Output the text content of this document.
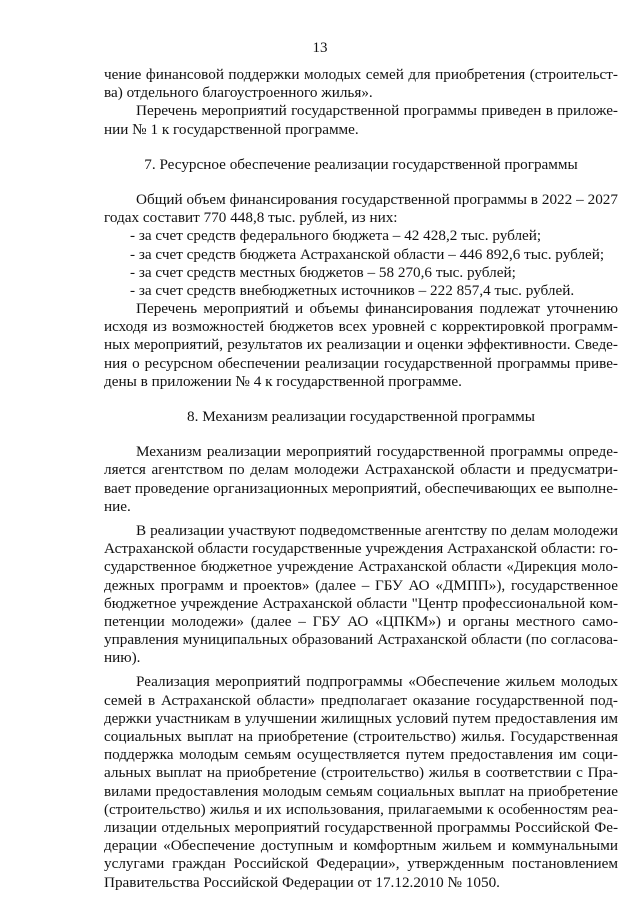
13
чение финансовой поддержки молодых семей для приобретения (строительст-
ва) отдельного благоустроенного жилья».
Перечень мероприятий государственной программы приведен в приложе-
нии № 1 к государственной программе.
7. Ресурсное обеспечение реализации государственной программы
Общий объем финансирования государственной программы в 2022 – 2027
годах составит 770 448,8 тыс. рублей, из них:
- за счет средств федерального бюджета – 42 428,2 тыс. рублей;
- за счет средств бюджета Астраханской области – 446 892,6 тыс. рублей;
- за счет средств местных бюджетов – 58 270,6 тыс. рублей;
- за счет средств внебюджетных источников – 222 857,4 тыс. рублей.
Перечень мероприятий и объемы финансирования подлежат уточнению
исходя из возможностей бюджетов всех уровней с корректировкой программ-
ных мероприятий, результатов их реализации и оценки эффективности. Сведе-
ния о ресурсном обеспечении реализации государственной программы приве-
дены в приложении № 4 к государственной программе.
8. Механизм реализации государственной программы
Механизм реализации мероприятий государственной программы опреде-
ляется агентством по делам молодежи Астраханской области и предусматри-
вает проведение организационных мероприятий, обеспечивающих ее выполне-
ние.
В реализации участвуют подведомственные агентству по делам молодежи
Астраханской области государственные учреждения Астраханской области: го-
сударственное бюджетное учреждение Астраханской области «Дирекция моло-
дежных программ и проектов» (далее – ГБУ АО «ДМПП»), государственное
бюджетное учреждение Астраханской области "Центр профессиональной ком-
петенции молодежи» (далее – ГБУ АО «ЦПКМ») и органы местного само-
управления муниципальных образований Астраханской области (по согласова-
нию).
Реализация мероприятий подпрограммы «Обеспечение жильем молодых
семей в Астраханской области» предполагает оказание государственной под-
держки участникам в улучшении жилищных условий путем предоставления им
социальных выплат на приобретение (строительство) жилья. Государственная
поддержка молодым семьям осуществляется путем предоставления им соци-
альных выплат на приобретение (строительство) жилья в соответствии с Пра-
вилами предоставления молодым семьям социальных выплат на приобретение
(строительство) жилья и их использования, прилагаемыми к особенностям реа-
лизации отдельных мероприятий государственной программы Российской Фе-
дерации «Обеспечение доступным и комфортным жильем и коммунальными
услугами граждан Российской Федерации», утвержденным постановлением
Правительства Российской Федерации от 17.12.2010 № 1050.
